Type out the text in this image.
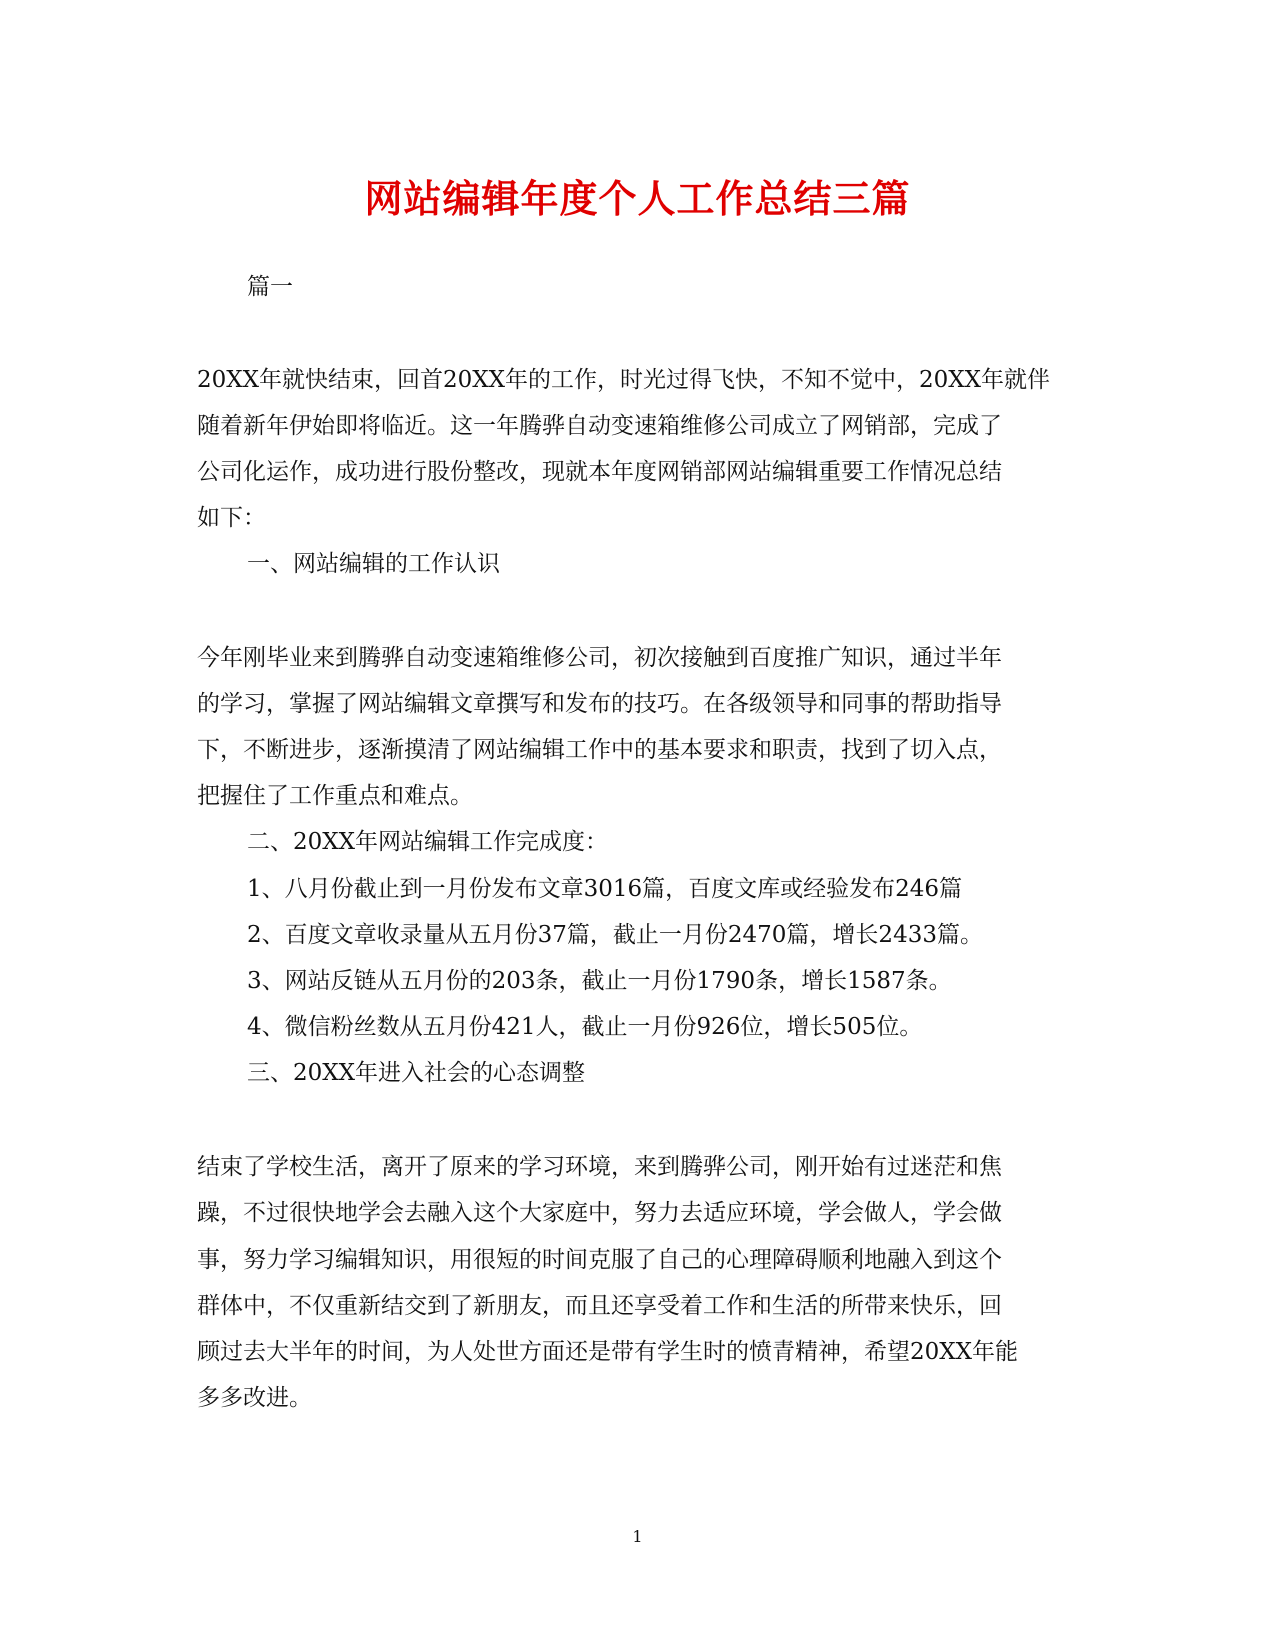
网站编辑年度个人工作总结三篇

篇一

20XX年就快结束，回首20XX年的工作，时光过得飞快，不知不觉中，20XX年就伴

随着新年伊始即将临近。这一年腾骅自动变速箱维修公司成立了网销部，完成了

公司化运作，成功进行股份整改，现就本年度网销部网站编辑重要工作情况总结

如下：

一、网站编辑的工作认识

今年刚毕业来到腾骅自动变速箱维修公司，初次接触到百度推广知识，通过半年

的学习，掌握了网站编辑文章撰写和发布的技巧。在各级领导和同事的帮助指导

下，不断进步，逐渐摸清了网站编辑工作中的基本要求和职责，找到了切入点，

把握住了工作重点和难点。

二、20XX年网站编辑工作完成度：

1、八月份截止到一月份发布文章3016篇，百度文库或经验发布246篇

2、百度文章收录量从五月份37篇，截止一月份2470篇，增长2433篇。

3、网站反链从五月份的203条，截止一月份1790条，增长1587条。

4、微信粉丝数从五月份421人，截止一月份926位，增长505位。

三、20XX年进入社会的心态调整

结束了学校生活，离开了原来的学习环境，来到腾骅公司，刚开始有过迷茫和焦

躁，不过很快地学会去融入这个大家庭中，努力去适应环境，学会做人，学会做

事，努力学习编辑知识，用很短的时间克服了自己的心理障碍顺利地融入到这个

群体中，不仅重新结交到了新朋友，而且还享受着工作和生活的所带来快乐，回

顾过去大半年的时间，为人处世方面还是带有学生时的愤青精神，希望20XX年能

多多改进。

1
